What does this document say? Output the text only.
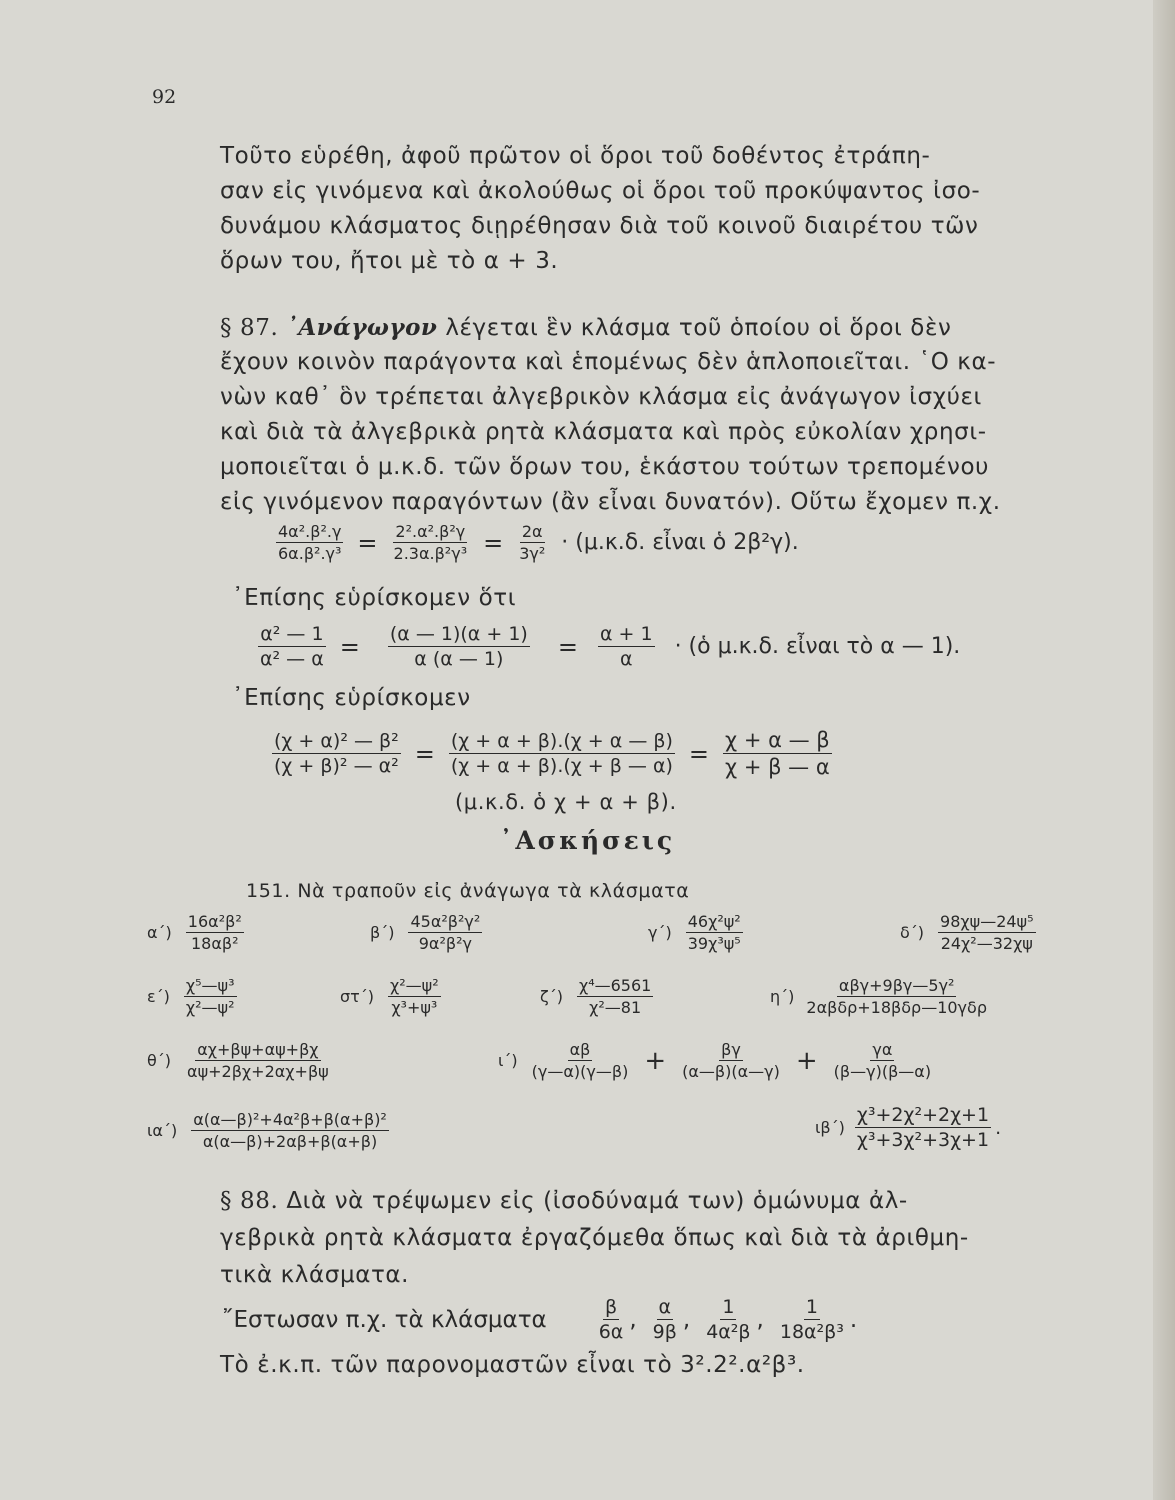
92
Τοῦτο εὑρέθη, ἀφοῦ πρῶτον οἱ ὅροι τοῦ δοθέντος ἐτράπη-
σαν εἰς γινόμενα καὶ ἀκολούθως οἱ ὅροι τοῦ προκύψαντος ἰσο-
δυνάμου κλάσματος διῃρέθησαν διὰ τοῦ κοινοῦ διαιρέτου τῶν
ὅρων του, ἤτοι μὲ τὸ α + 3.
§ 87. ᾿Ανάγωγον λέγεται ἓν κλάσμα τοῦ ὁποίου οἱ ὅροι δὲν
ἔχουν κοινὸν παράγοντα καὶ ἑπομένως δὲν ἁπλοποιεῖται. ῾Ο κα-
νὼν καθ᾿ ὃν τρέπεται ἀλγεβρικὸν κλάσμα εἰς ἀνάγωγον ἰσχύει
καὶ διὰ τὰ ἀλγεβρικὰ ρητὰ κλάσματα καὶ πρὸς εὐκολίαν χρησι-
μοποιεῖται ὁ μ.κ.δ. τῶν ὅρων του, ἑκάστου τούτων τρεπομένου
εἰς γινόμενον παραγόντων (ἂν εἶναι δυνατόν). Οὕτω ἔχομεν π.χ.
$\frac{\text{4α².β².γ}}{\text{6α.β².γ³}} = \frac{\text{2².α².β²γ}}{\text{2.3α.β²γ³}} = \frac{2\alpha}{\text{3γ²}} \cdot (\mu.\kappa.\delta$. εἶναι ὁ 2β²γ).
᾿Επίσης εὑρίσκομεν ὅτι
$\frac{\text{α² — 1}}{\text{α² — α}} = \frac{(\alpha — 1)(\alpha + 1)}{\alpha (\alpha — 1)} = \frac{\alpha + 1}{\alpha}$ · (ὁ μ.κ.δ. εἶναι τὸ α — 1).
᾿Επίσης εὑρίσκομεν
$\frac{\text{(χ + α)² — β²}}{\text{(χ + β)² — α²}} = \frac{(\chi + \alpha + \beta).(\chi + \alpha — \beta)}{(\chi + \alpha + \beta).(\chi + \beta — \alpha)} = \frac{\chi + \alpha — \beta}{\chi + \beta — \alpha}$
(μ.κ.δ. ὁ χ + α + β).
᾿Ασκήσεις
151. Νὰ τραποῦν εἰς ἀνάγωγα τὰ κλάσματα
$\alpha΄) \frac{\text{16α²β²}}{\text{18αβ²}}$	$\beta΄) \frac{\text{45α²β²γ²}}{\text{9α²β²γ}}$	$\gamma΄) \frac{\text{46χ²ψ²}}{\text{39χ³ψ⁵}}$	$\delta΄) \frac{\text{98χψ—24ψ⁵}}{\text{24χ²—32χψ}}$
$\varepsilon΄) \frac{\text{χ⁵—ψ³}}{\text{χ²—ψ²}}$	$\sigma\tau΄) \frac{\text{χ²—ψ²}}{\text{χ³+ψ³}}$	$\zeta΄) \frac{\text{χ⁴—6561}}{\text{χ²—81}}$	$\eta΄) \frac{\text{αβγ+9βγ—5γ²}}{\text{2αβδρ+18βδρ—10γδρ}}$
$\theta΄) \frac{\alpha\chi+\beta\psi+\alpha\psi+\beta\chi}{\alpha\psi+2\beta\chi+2\alpha\chi+\beta\psi}$	$\iota΄) \frac{\alpha\beta}{(\gamma—\alpha)(\gamma—\beta)} + \frac{\beta\gamma}{(\alpha—\beta)(\alpha—\gamma)} + \frac{\gamma\alpha}{(\beta—\gamma)(\beta—\alpha)}$
$\iota\alpha΄) \frac{\text{α(α—β)²+4α²β+β(α+β)²}}{\alpha(\alpha—\beta)+2\alpha\beta+\beta(\alpha+\beta)}$	$\iota\beta΄) \frac{\text{χ³+2χ²+2χ+1}}{\text{χ³+3χ²+3χ+1}}$ .
§ 88. Διὰ νὰ τρέψωμεν εἰς (ἰσοδύναμά των) ὁμώνυμα ἀλ-
γεβρικὰ ρητὰ κλάσματα ἐργαζόμεθα ὅπως καὶ διὰ τὰ ἀριθμη-
τικὰ κλάσματα.
῎Εστωσαν π.χ. τὰ κλάσματα	$\frac{\beta}{6\alpha}$ , $\frac{\alpha}{9\beta}$ , $\frac{1}{\text{4α²β}}$ , $\frac{1}{\text{18α²β³}}$ .
Τὸ ἐ.κ.π. τῶν παρονομαστῶν εἶναι τὸ 3².2².α²β³.
